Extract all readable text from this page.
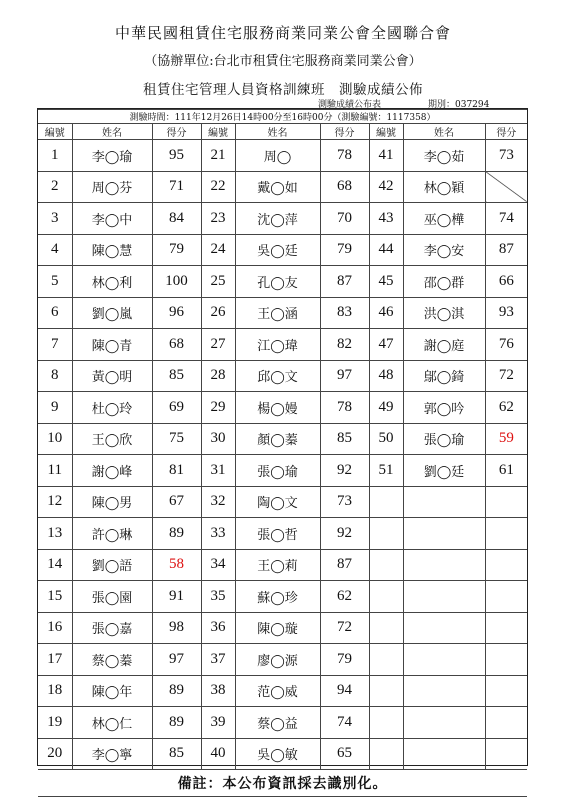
中華民國租賃住宅服務商業同業公會全國聯合會
（協辦單位:台北市租賃住宅服務商業同業公會）
租賃住宅管理人員資格訓練班　測驗成績公佈
測驗成績公布表	期別：037294
測驗時間：111年12月26日14時00分至16時00分（測驗編號：1117358）								
編號	姓名	得分	編號	姓名	得分	編號	姓名	得分
1	李◯瑜	95	21	周◯	78	41	李◯茹	73
2	周◯芬	71	22	戴◯如	68	42	林◯穎	
3	李◯中	84	23	沈◯萍	70	43	巫◯樺	74
4	陳◯慧	79	24	吳◯廷	79	44	李◯安	87
5	林◯利	100	25	孔◯友	87	45	邵◯群	66
6	劉◯嵐	96	26	王◯涵	83	46	洪◯淇	93
7	陳◯青	68	27	江◯瑋	82	47	謝◯庭	76
8	黃◯明	85	28	邱◯文	97	48	鄔◯錡	72
9	杜◯玲	69	29	楊◯嫚	78	49	郭◯吟	62
10	王◯欣	75	30	顏◯蓁	85	50	張◯瑜	59
11	謝◯峰	81	31	張◯瑜	92	51	劉◯廷	61
12	陳◯男	67	32	陶◯文	73			
13	許◯琳	89	33	張◯哲	92			
14	劉◯語	58	34	王◯莉	87			
15	張◯園	91	35	蘇◯珍	62			
16	張◯嘉	98	36	陳◯璇	72			
17	蔡◯蓁	97	37	廖◯源	79			
18	陳◯年	89	38	范◯威	94			
19	林◯仁	89	39	蔡◯益	74			
20	李◯寧	85	40	吳◯敏	65			
備註：本公布資訊採去識別化。								
